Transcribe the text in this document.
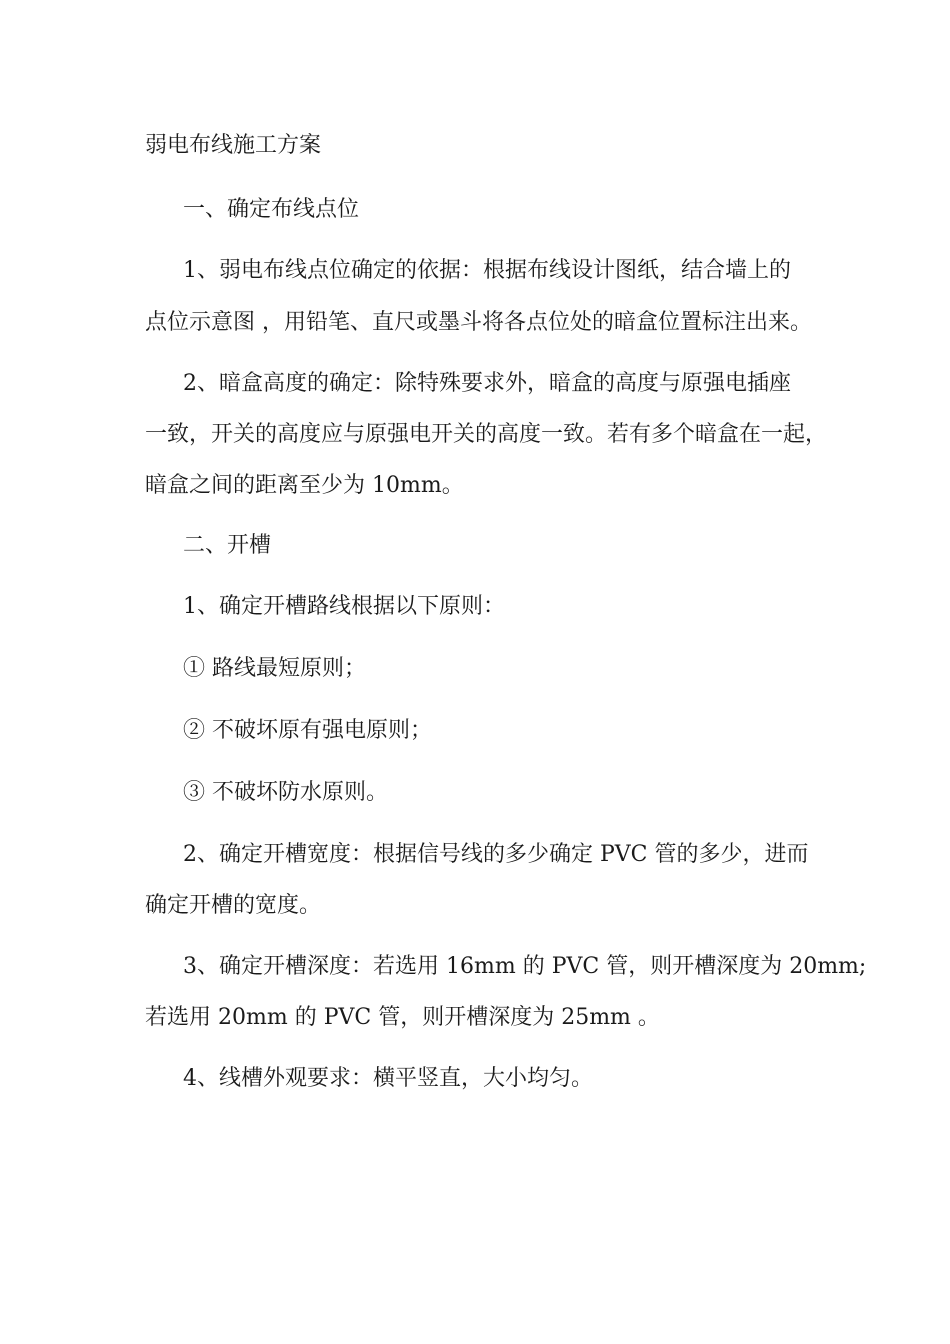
弱电布线施工方案

一、确定布线点位

1、弱电布线点位确定的依据：根据布线设计图纸，结合墙上的

点位示意图 ，用铅笔、直尺或墨斗将各点位处的暗盒位置标注出来。

2、暗盒高度的确定：除特殊要求外，暗盒的高度与原强电插座

一致，开关的高度应与原强电开关的高度一致。若有多个暗盒在一起，

暗盒之间的距离至少为 10mm。

二、开槽

1、确定开槽路线根据以下原则：

① 路线最短原则；

② 不破坏原有强电原则；

③ 不破坏防水原则。

2、确定开槽宽度：根据信号线的多少确定 PVC 管的多少，进而

确定开槽的宽度。

3、确定开槽深度：若选用 16mm 的 PVC 管，则开槽深度为 20mm;

若选用 20mm 的 PVC 管，则开槽深度为 25mm 。

4、线槽外观要求：横平竖直，大小均匀。
